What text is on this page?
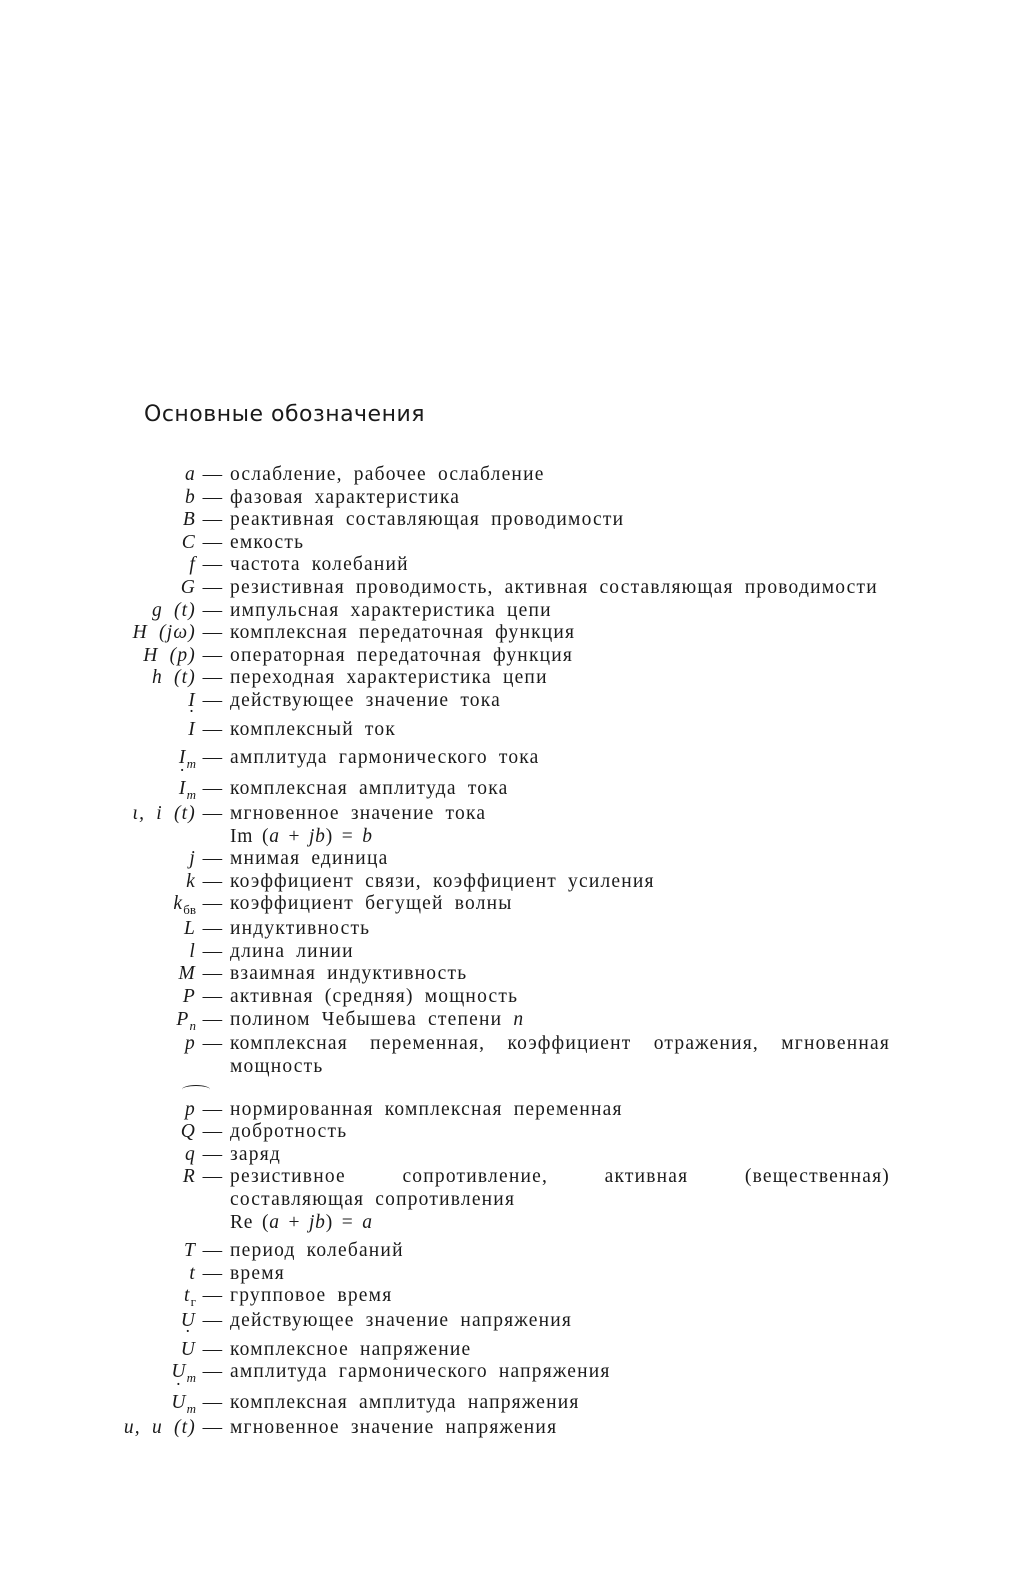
Основные обозначения
a — ослабление, рабочее ослабление
b — фазовая характеристика
B — реактивная составляющая проводимости
C — емкость
f — частота колебаний
G — резистивная проводимость, активная составляющая проводимости
g (t) — импульсная характеристика цепи
H (jω) — комплексная передаточная функция
H (p) — операторная передаточная функция
h (t) — переходная характеристика цепи
I — действующее значение тока
˙ I — комплексный ток
$I_m$ — амплитуда гармонического тока
˙ $I_m$ — комплексная амплитуда тока
ι, i (t) — мгновенное значение тока
Im (a + jb) = b
j — мнимая единица
k — коэффициент связи, коэффициент усиления
$k_{бв}$ — коэффициент бегущей волны
L — индуктивность
l — длина линии
M — взаимная индуктивность
P — активная (средняя) мощность
$P_n$ — полином Чебышева степени n
p — комплексная переменная, коэффициент отражения, мгновенная мощность
p — нормированная комплексная переменная
Q — добротность
q — заряд
R — резистивное сопротивление, активная (вещественная) составляющая сопротивления
Re (a + jb) = a
T — период колебаний
t — время
$t_г$ — групповое время
U — действующее значение напряжения
˙ U — комплексное напряжение
$U_m$ — амплитуда гармонического напряжения
˙ $U_m$ — комплексная амплитуда напряжения
u, u (t) — мгновенное значение напряжения
